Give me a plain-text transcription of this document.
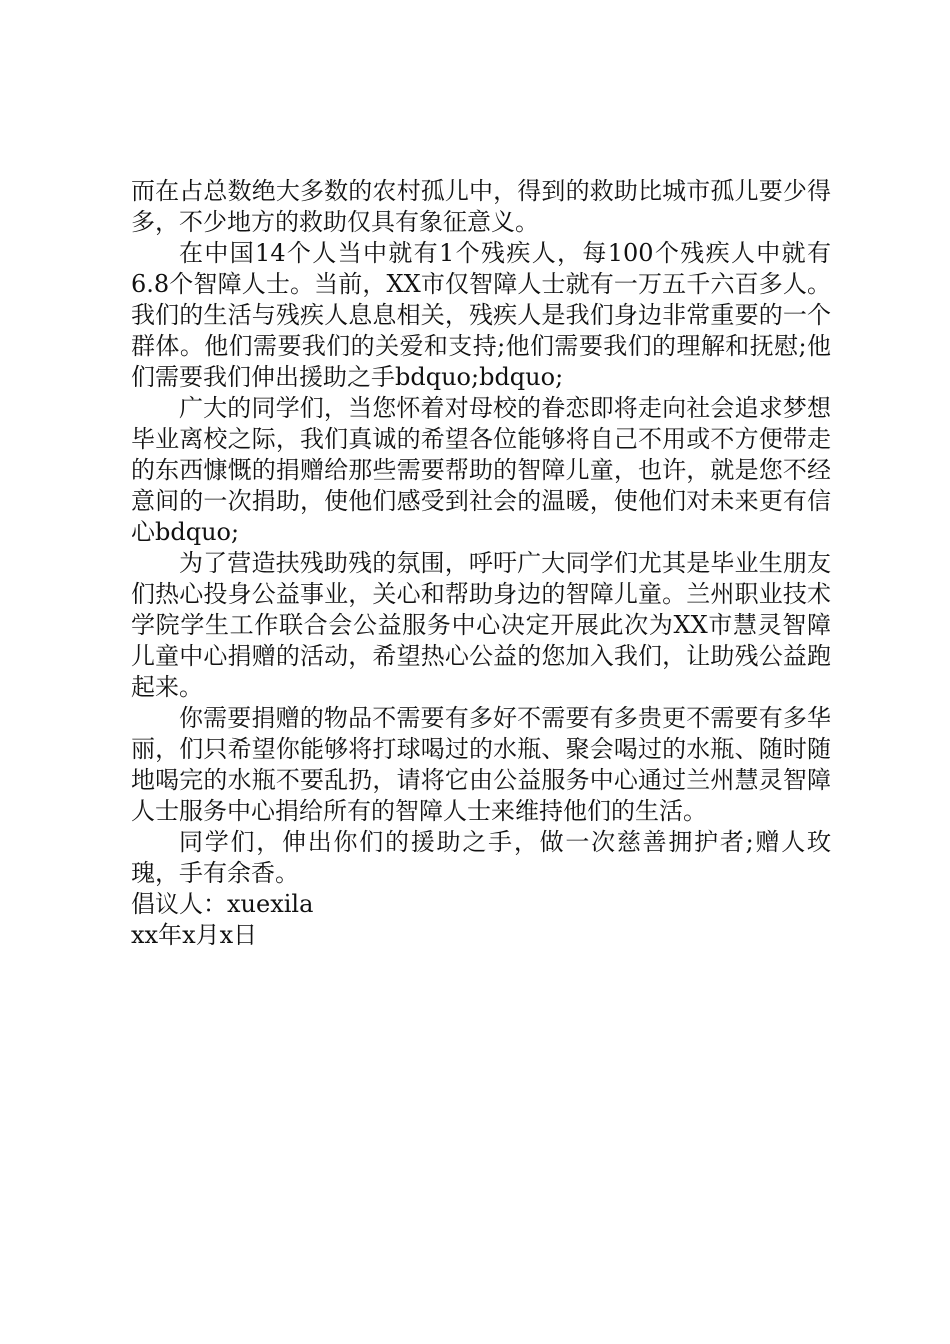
而在占总数绝大多数的农村孤儿中，得到的救助比城市孤儿要少得多，不少地方的救助仅具有象征意义。

在中国14个人当中就有1个残疾人，每100个残疾人中就有6.8个智障人士。当前，XX市仅智障人士就有一万五千六百多人。我们的生活与残疾人息息相关，残疾人是我们身边非常重要的一个群体。他们需要我们的关爱和支持;他们需要我们的理解和抚慰;他们需要我们伸出援助之手bdquo;bdquo;

广大的同学们，当您怀着对母校的眷恋即将走向社会追求梦想毕业离校之际，我们真诚的希望各位能够将自己不用或不方便带走的东西慷慨的捐赠给那些需要帮助的智障儿童，也许，就是您不经意间的一次捐助，使他们感受到社会的温暖，使他们对未来更有信心bdquo;

为了营造扶残助残的氛围，呼吁广大同学们尤其是毕业生朋友们热心投身公益事业，关心和帮助身边的智障儿童。兰州职业技术学院学生工作联合会公益服务中心决定开展此次为XX市慧灵智障儿童中心捐赠的活动，希望热心公益的您加入我们，让助残公益跑起来。

你需要捐赠的物品不需要有多好不需要有多贵更不需要有多华丽，们只希望你能够将打球喝过的水瓶、聚会喝过的水瓶、随时随地喝完的水瓶不要乱扔，请将它由公益服务中心通过兰州慧灵智障人士服务中心捐给所有的智障人士来维持他们的生活。

同学们，伸出你们的援助之手，做一次慈善拥护者;赠人玫瑰，手有余香。

倡议人：xuexila

xx年x月x日
